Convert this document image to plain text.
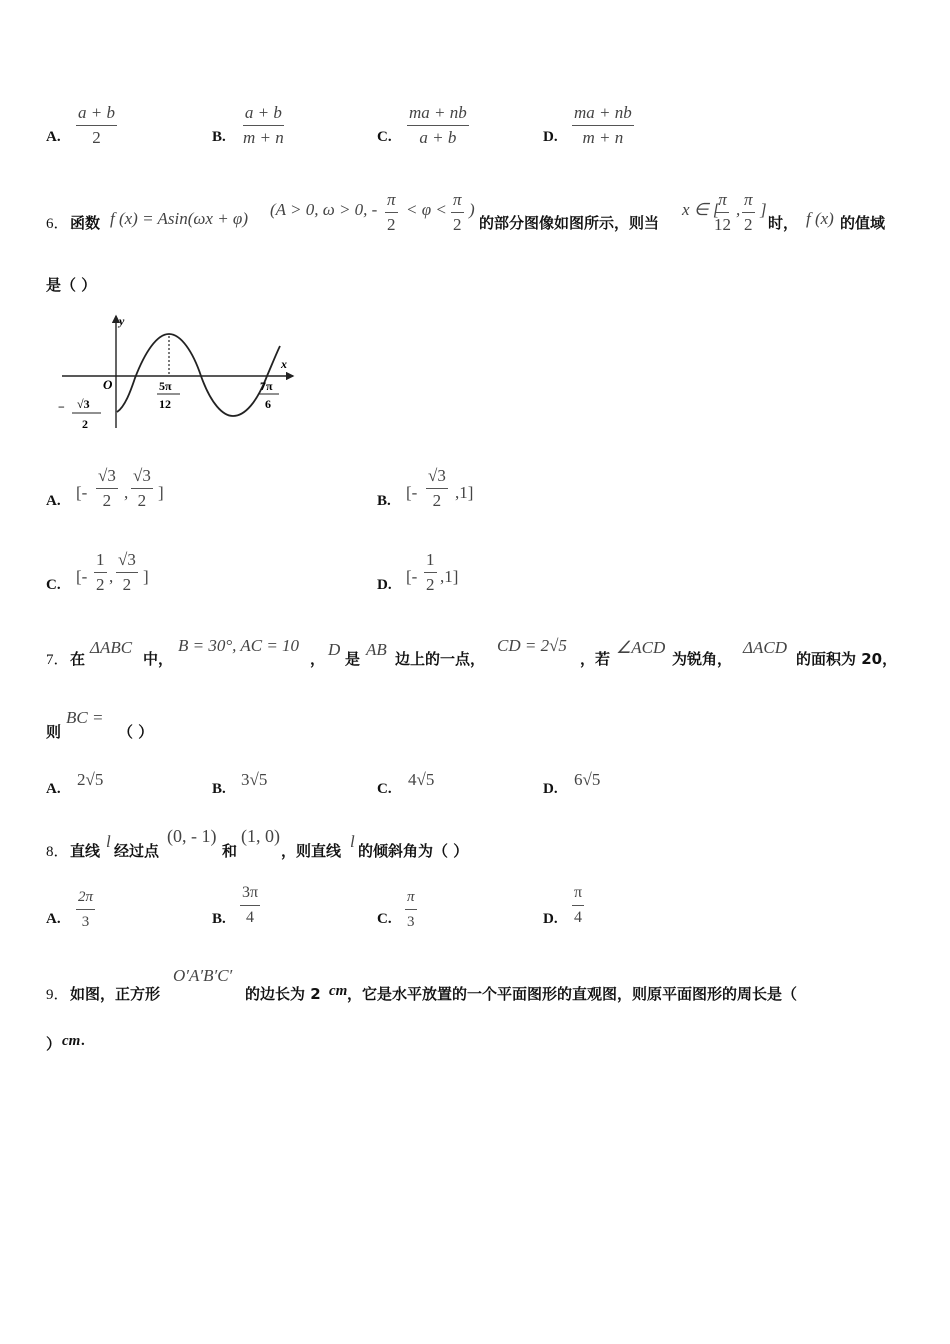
A. $\frac{a + b}{2}$	B. $\frac{a + b}{m + n}$	C. $\frac{ma + nb}{a + b}$	D. $\frac{ma + nb}{m + n}$
6． 函数 f (x) = Asin(ωx + φ) (A > 0, ω > 0, - $\frac{\pi}{2} < \varphi < \frac{\pi}{2}$ )
的部分图像如图所示，则当
x ∈ [
$\frac{\pi}{12}$ , $\frac{\pi}{2}$ ]
时， f (x) 的值域
是（ ）
y
x
O	5π
12
7π
6
− √3
2
A. [- $\frac{√3}{2}$ , $\frac{√3}{2}$ ]	B. [- $\frac{√3}{2} ,1$]
C. [- $\frac{1}{2}$ , $\frac{√3}{2}$ ]	D. [- $\frac{1}{2} ,1$]
7． 在
ΔABC
中，
B = 30°, AC = 10
， D 是 AB 边上的一点，
CD = 2√5
，若
∠ACD
为锐角，
ΔACD
的面积为 20，
则
BC =
（ ）
A. 2√5	B. 3√5	C. 4√5	D. 6√5
8． 直线 l 经过点
(0, - 1)
和
(1, 0)
，则直线 l 的倾斜角为（ ）
A. $\frac{2\pi}{3}$	B. $\frac{3\pi}{4}$	C. $\frac{\pi}{3}$	D. $\frac{\pi}{4}$
9． 如图，正方形
O′A′B′C′
的边长为 2 cm ，它是水平放置的一个平面图形的直观图，则原平面图形的周长是（
） cm .
